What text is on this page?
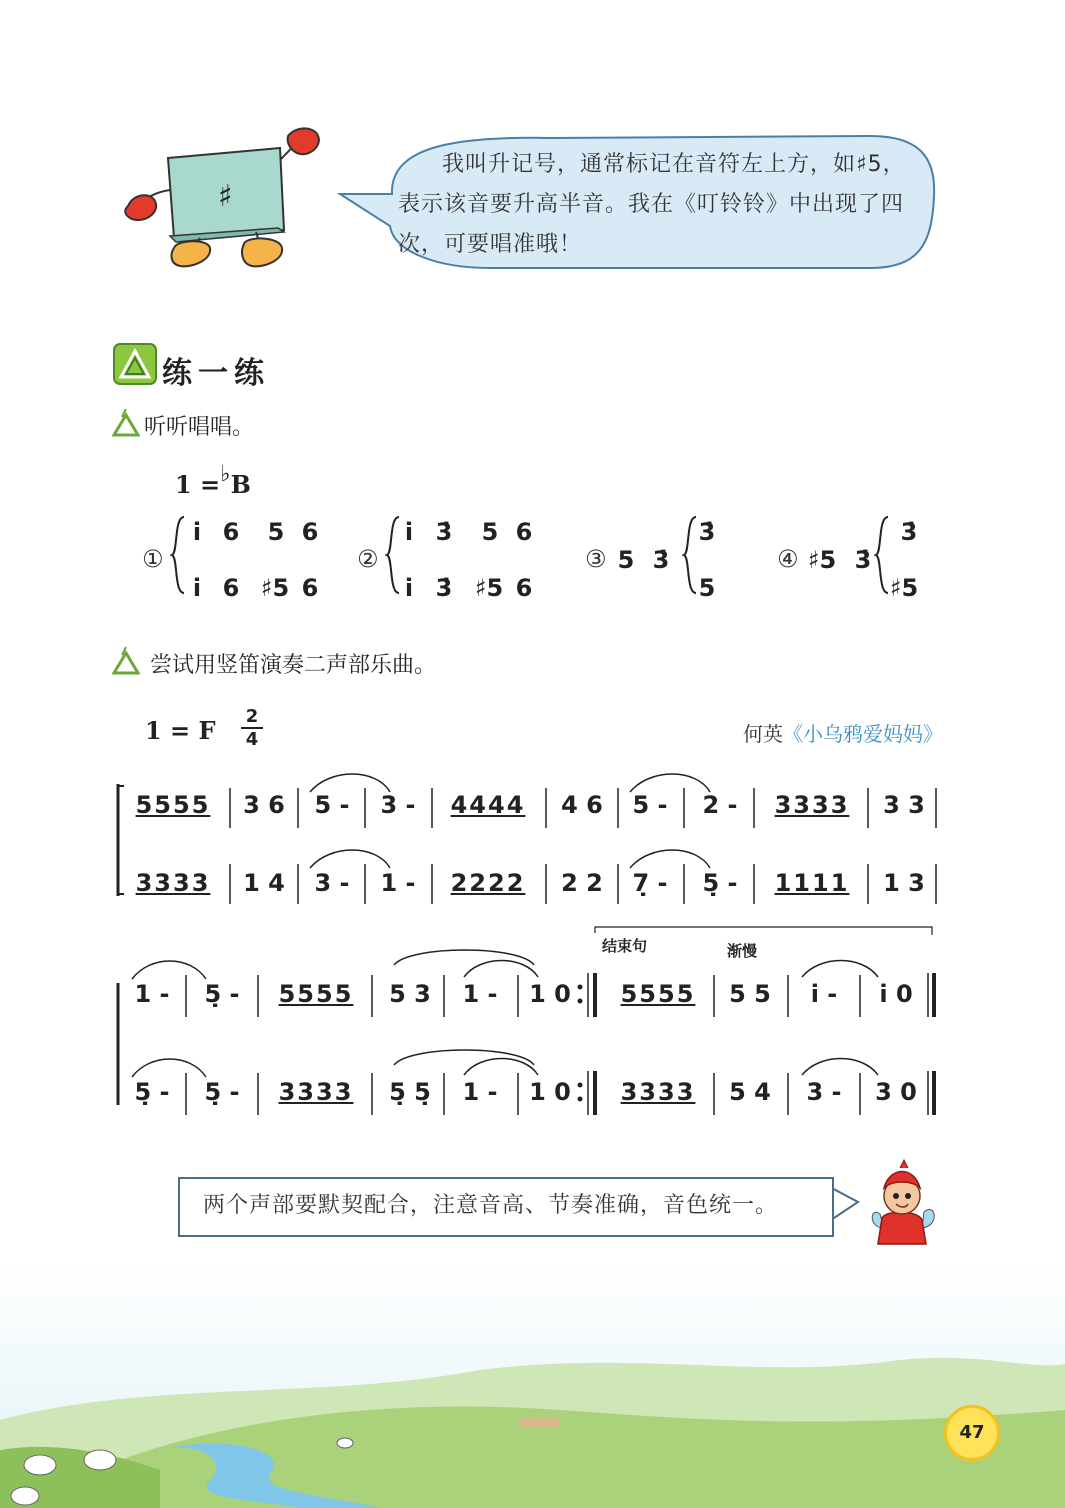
我叫升记号，通常标记在音符左上方，如♯5，
表示该音要升高半音。我在《叮铃铃》中出现了四
次，可要唱准哦！
♯
练一练
听听唱唱。
1 =♭B
①
i̇ 6 5 6
i̇ 6 ♯5 6
②
i̇ 3̇ 5 6
i̇ 3̇ ♯5 6
③ 5 3̇
3̇
5
④ ♯5 3̇
3̇
♯5
尝试用竖笛演奏二声部乐曲。
1 = F	2
4	何英《小乌鸦爱妈妈》
结束句	渐慢
5555	3 6	5 -	3 -	4444	4 6	5 -	2 -	3333	3 3
3333	1 4	3 -	1 -	2222	2 2	7̣ -	5̣ -	1111	1 3
1 -	5̣ -	5555	5 3	1 -	1 0	5555	5 5	i̇ -	i̇ 0
5̣ -	5̣ -	3333	5̣ 5̣	1 -	1 0	3333	5 4	3 -	3 0
两个声部要默契配合，注意音高、节奏准确，音色统一。
47
